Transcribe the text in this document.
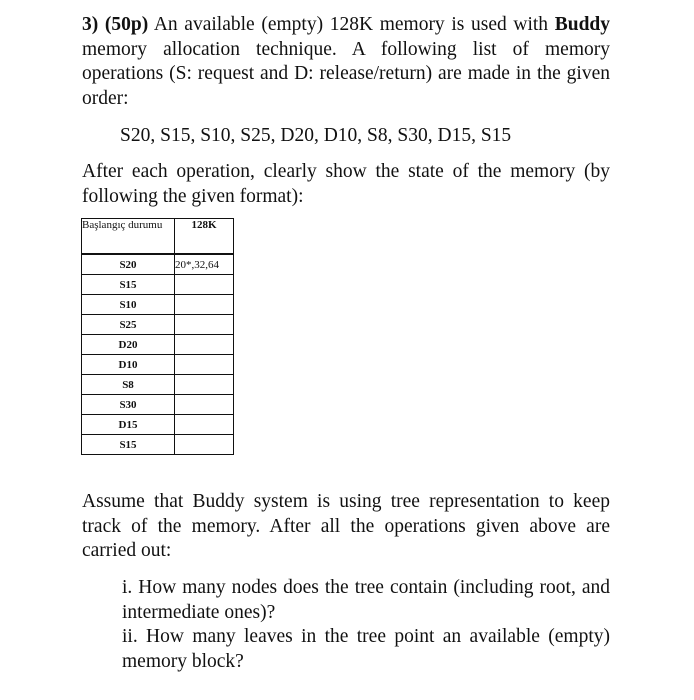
3) (50p) An available (empty) 128K memory is used with Buddy memory allocation technique. A following list of memory operations (S: request and D: release/return) are made in the given order:
S20, S15, S10, S25, D20, D10, S8, S30, D15, S15
After each operation, clearly show the state of the memory (by following the given format):
Başlangıç durumu	128K
S20	20*,32,64
S15	
S10	
S25	
D20	
D10	
S8	
S30	
D15	
S15	
Assume that Buddy system is using tree representation to keep track of the memory. After all the operations given above are carried out:
i. How many nodes does the tree contain (including root, and intermediate ones)?
ii. How many leaves in the tree point an available (empty) memory block?
